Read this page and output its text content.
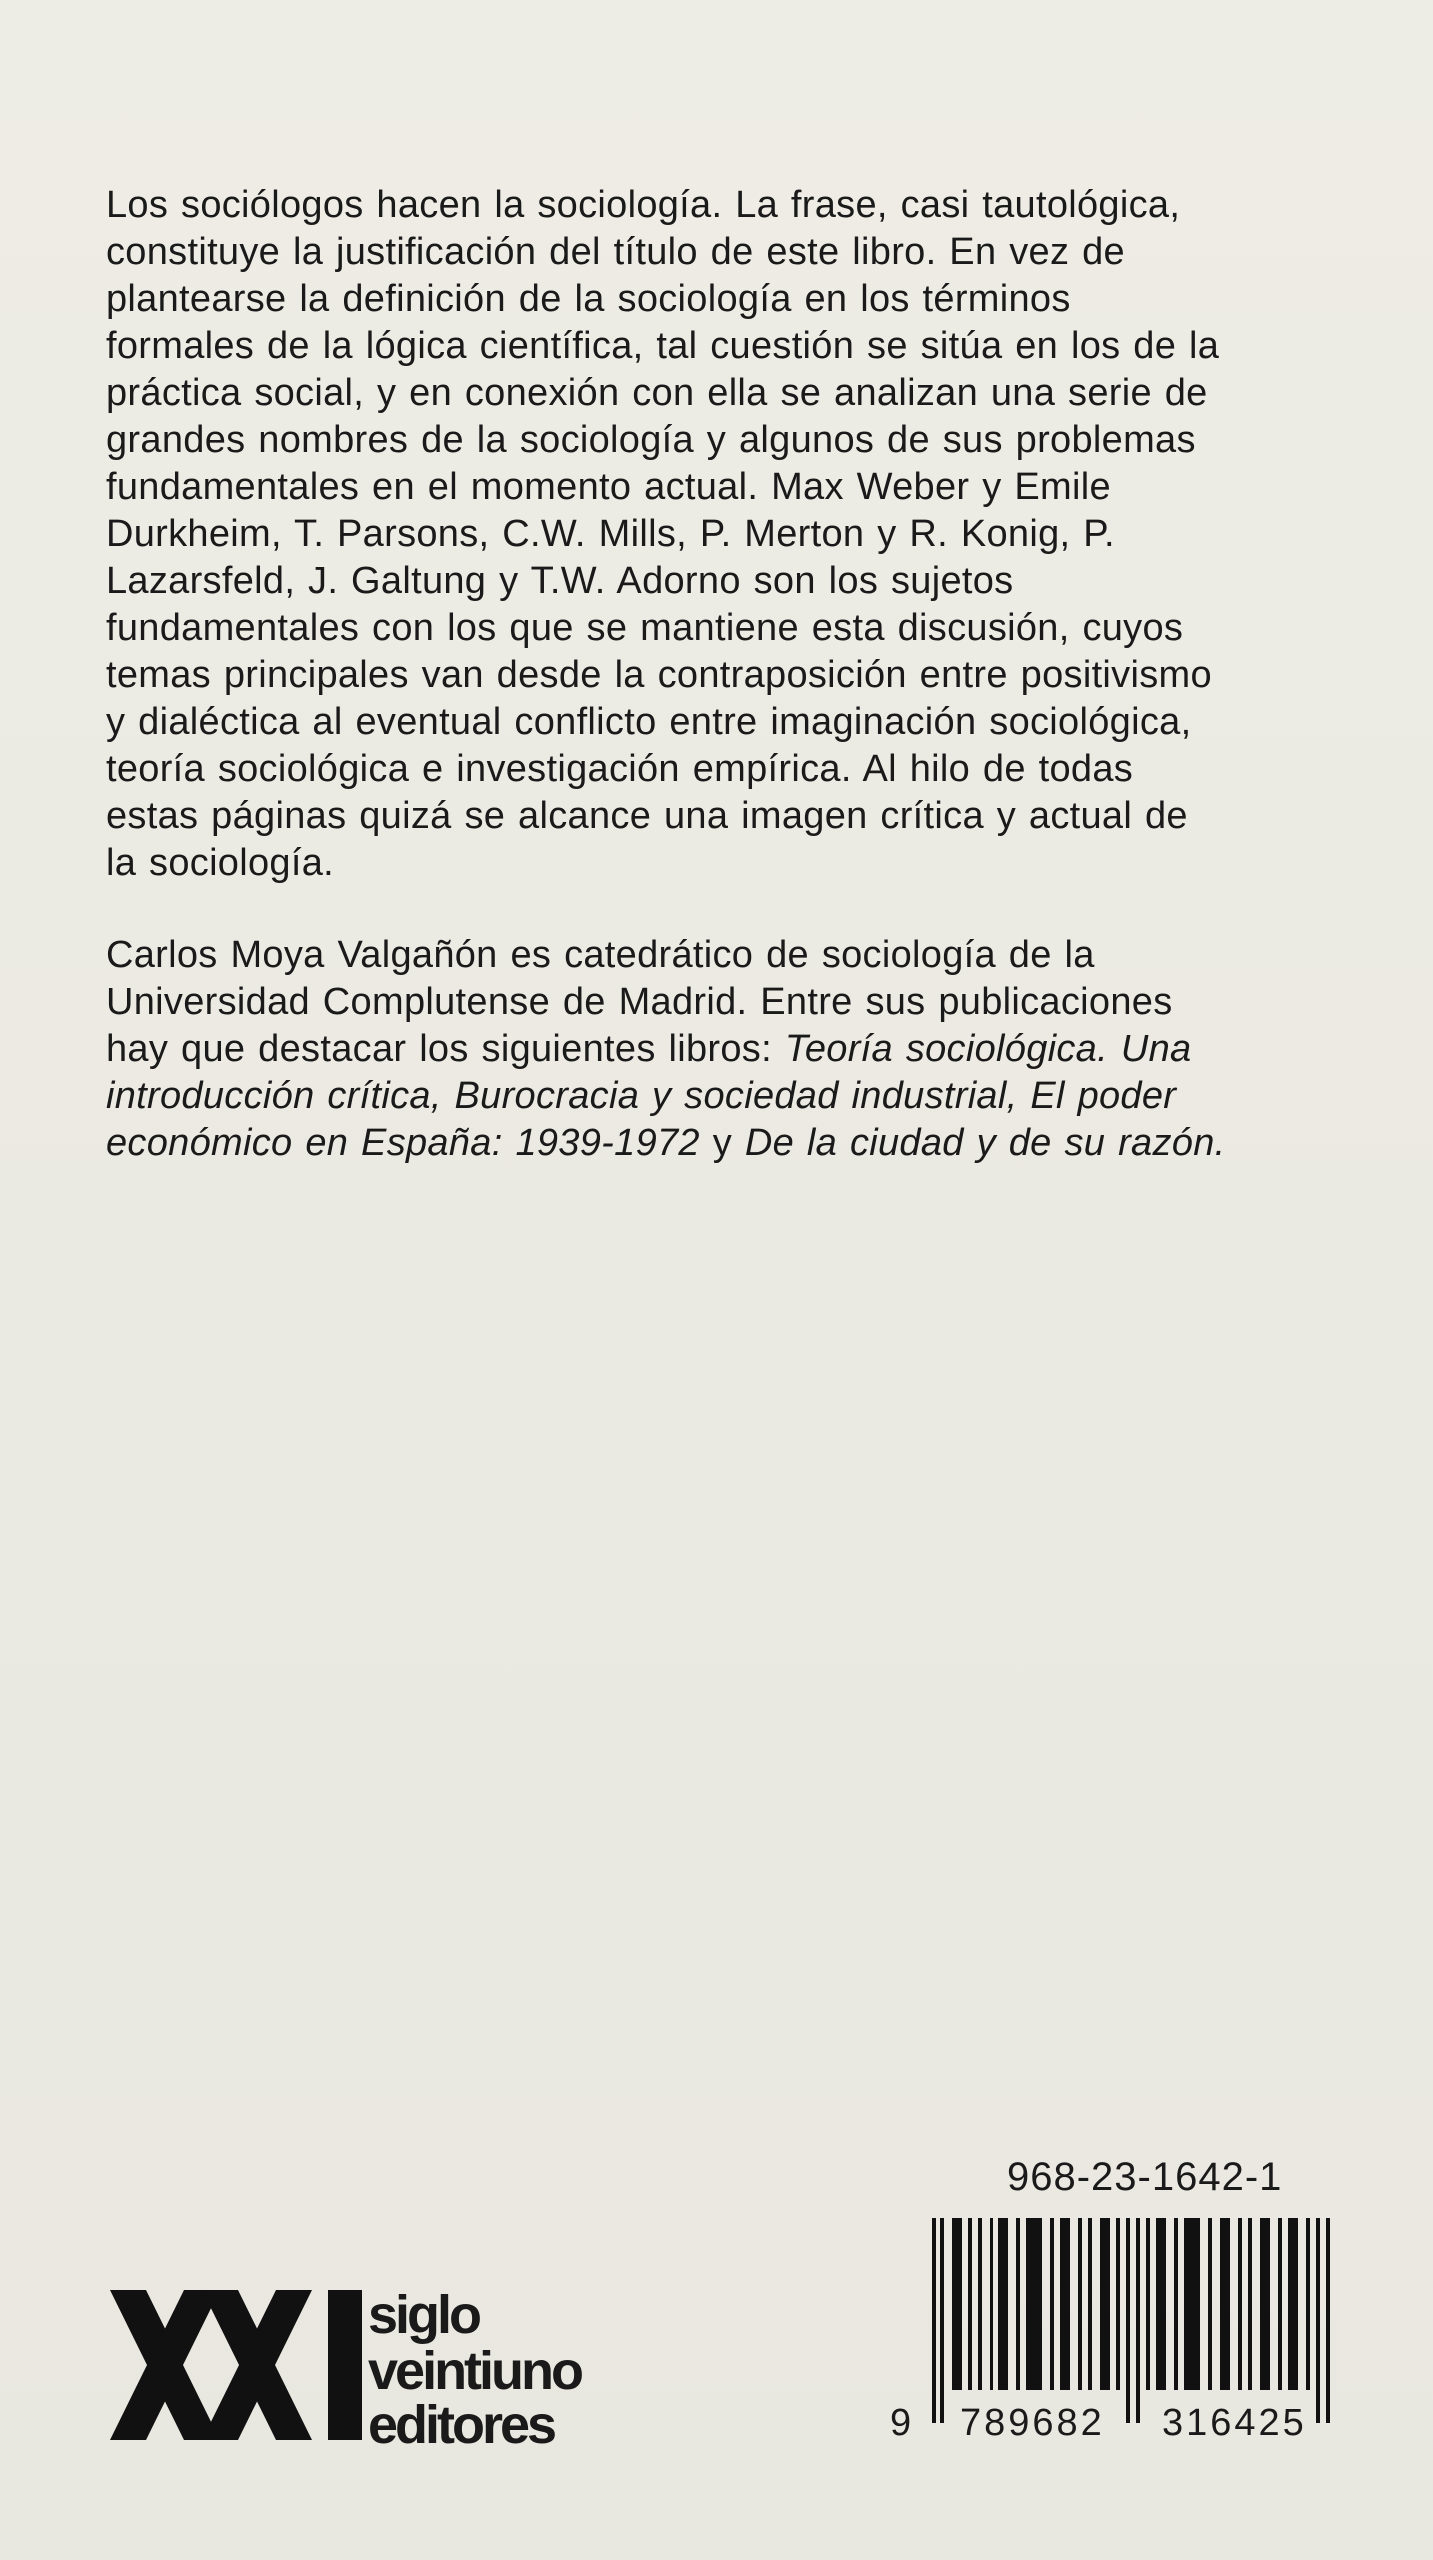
Los sociólogos hacen la sociología. La frase, casi tautológica,
constituye la justificación del título de este libro. En vez de
plantearse la definición de la sociología en los términos
formales de la lógica científica, tal cuestión se sitúa en los de la
práctica social, y en conexión con ella se analizan una serie de
grandes nombres de la sociología y algunos de sus problemas
fundamentales en el momento actual. Max Weber y Emile
Durkheim, T. Parsons, C.W. Mills, P. Merton y R. Konig, P.
Lazarsfeld, J. Galtung y T.W. Adorno son los sujetos
fundamentales con los que se mantiene esta discusión, cuyos
temas principales van desde la contraposición entre positivismo
y dialéctica al eventual conflicto entre imaginación sociológica,
teoría sociológica e investigación empírica. Al hilo de todas
estas páginas quizá se alcance una imagen crítica y actual de
la sociología.

Carlos Moya Valgañón es catedrático de sociología de la
Universidad Complutense de Madrid. Entre sus publicaciones
hay que destacar los siguientes libros: Teoría sociológica. Una
introducción crítica, Burocracia y sociedad industrial, El poder
económico en España: 1939-1972 y De la ciudad y de su razón.

968-23-1642-1
9 789682 316425
siglo
veintiuno
editores
